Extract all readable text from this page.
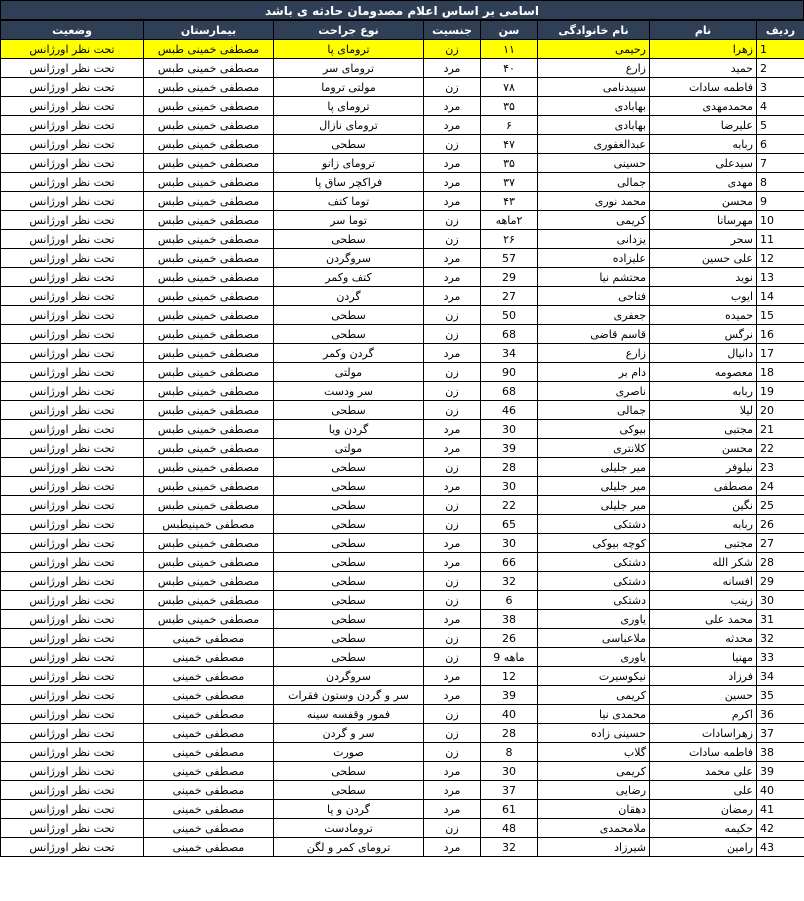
اسامی بر اساس اعلام مصدومان حادثه ی باشد
ردیف	نام	نام خانوادگی	سن	جنسیت	نوع جراحت	بیمارستان	وضعیت
1	زهرا	رحیمی	۱۱	زن	ترومای پا	مصطفی خمینی طبس	تحت نظر اورژانس
2	حمید	زارع	۴۰	مرد	ترومای سر	مصطفی خمینی طبس	تحت نظر اورژانس
3	فاطمه سادات	سپیدنامی	۷۸	زن	مولتی تروما	مصطفی خمینی طبس	تحت نظر اورژانس
4	محمدمهدی	بهابادی	۳۵	مرد	ترومای پا	مصطفی خمینی طبس	تحت نظر اورژانس
5	علیرضا	بهابادی	۶	مرد	ترومای نازال	مصطفی خمینی طبس	تحت نظر اورژانس
6	ربابه	عبدالغفوری	۴۷	زن	سطحی	مصطفی خمینی طبس	تحت نظر اورژانس
7	سیدعلی	حسینی	۳۵	مرد	ترومای زانو	مصطفی خمینی طبس	تحت نظر اورژانس
8	مهدی	جمالی	۳۷	مرد	فراکچر ساق پا	مصطفی خمینی طبس	تحت نظر اورژانس
9	محسن	محمد نوری	۴۳	مرد	توما کتف	مصطفی خمینی طبس	تحت نظر اورژانس
10	مهرسانا	کریمی	۲ماهه	زن	توما سر	مصطفی خمینی طبس	تحت نظر اورژانس
11	سحر	یزدانی	۲۶	زن	سطحی	مصطفی خمینی طبس	تحت نظر اورژانس
12	علی حسین	علیزاده	57	مرد	سروگردن	مصطفی خمینی طبس	تحت نظر اورژانس
13	نوید	محتشم نیا	29	مرد	کتف وکمر	مصطفی خمینی طبس	تحت نظر اورژانس
14	ایوب	فتاحی	27	مرد	گردن	مصطفی خمینی طبس	تحت نظر اورژانس
15	حمیده	جعفری	50	زن	سطحی	مصطفی خمینی طبس	تحت نظر اورژانس
16	نرگس	قاسم قاضی	68	زن	سطحی	مصطفی خمینی طبس	تحت نظر اورژانس
17	دانیال	زارع	34	مرد	گردن وکمر	مصطفی خمینی طبس	تحت نظر اورژانس
18	معصومه	دام بر	90	زن	مولتی	مصطفی خمینی طبس	تحت نظر اورژانس
19	ربابه	ناصری	68	زن	سر ودست	مصطفی خمینی طبس	تحت نظر اورژانس
20	لیلا	جمالی	46	زن	سطحی	مصطفی خمینی طبس	تحت نظر اورژانس
21	مجتبی	بیوکی	30	مرد	گردن ویا	مصطفی خمینی طبس	تحت نظر اورژانس
22	محسن	کلانتری	39	مرد	مولتی	مصطفی خمینی طبس	تحت نظر اورژانس
23	نیلوفر	میر جلیلی	28	زن	سطحی	مصطفی خمینی طبس	تحت نظر اورژانس
24	مصطفی	میر جلیلی	30	مرد	سطحی	مصطفی خمینی طبس	تحت نظر اورژانس
25	نگین	میر جلیلی	22	زن	سطحی	مصطفی خمینی طبس	تحت نظر اورژانس
26	ربابه	دشتکی	65	زن	سطحی	مصطفی خمینیطبس	تحت نظر اورژانس
27	مجتبی	کوچه بیوکی	30	مرد	سطحی	مصطفی خمینی طبس	تحت نظر اورژانس
28	شکر الله	دشتکی	66	مرد	سطحی	مصطفی خمینی طبس	تحت نظر اورژانس
29	افسانه	دشتکی	32	زن	سطحی	مصطفی خمینی طبس	تحت نظر اورژانس
30	زینب	دشتکی	6	زن	سطحی	مصطفی خمینی طبس	تحت نظر اورژانس
31	محمد علی	یاوری	38	مرد	سطحی	مصطفی خمینی طبس	تحت نظر اورژانس
32	محدثه	ملاعباسی	26	زن	سطحی	مصطفی خمینی	تحت نظر اورژانس
33	مهنیا	یاوری	ماهه 9	زن	سطحی	مصطفی خمینی	تحت نظر اورژانس
34	فرزاد	نیکوسیرت	12	مرد	سروگردن	مصطفی خمینی	تحت نظر اورژانس
35	حسین	کریمی	39	مرد	سر و گردن وستون فقرات	مصطفی خمینی	تحت نظر اورژانس
36	اکرم	محمدی نیا	40	زن	فمور وقفسه سینه	مصطفی خمینی	تحت نظر اورژانس
37	زهراسادات	حسینی زاده	28	زن	سر و گردن	مصطفی خمینی	تحت نظر اورژانس
38	فاطمه سادات	گلاب	8	زن	صورت	مصطفی خمینی	تحت نظر اورژانس
39	علی محمد	کریمی	30	مرد	سطحی	مصطفی خمینی	تحت نظر اورژانس
40	علی	رضایی	37	مرد	سطحی	مصطفی خمینی	تحت نظر اورژانس
41	رمضان	دهقان	61	مرد	گردن و پا	مصطفی خمینی	تحت نظر اورژانس
42	حکیمه	ملامحمدی	48	زن	ترومادست	مصطفی خمینی	تحت نظر اورژانس
43	رامین	شیرزاد	32	مرد	ترومای کمر و لگن	مصطفی خمینی	تحت نظر اورژانس
